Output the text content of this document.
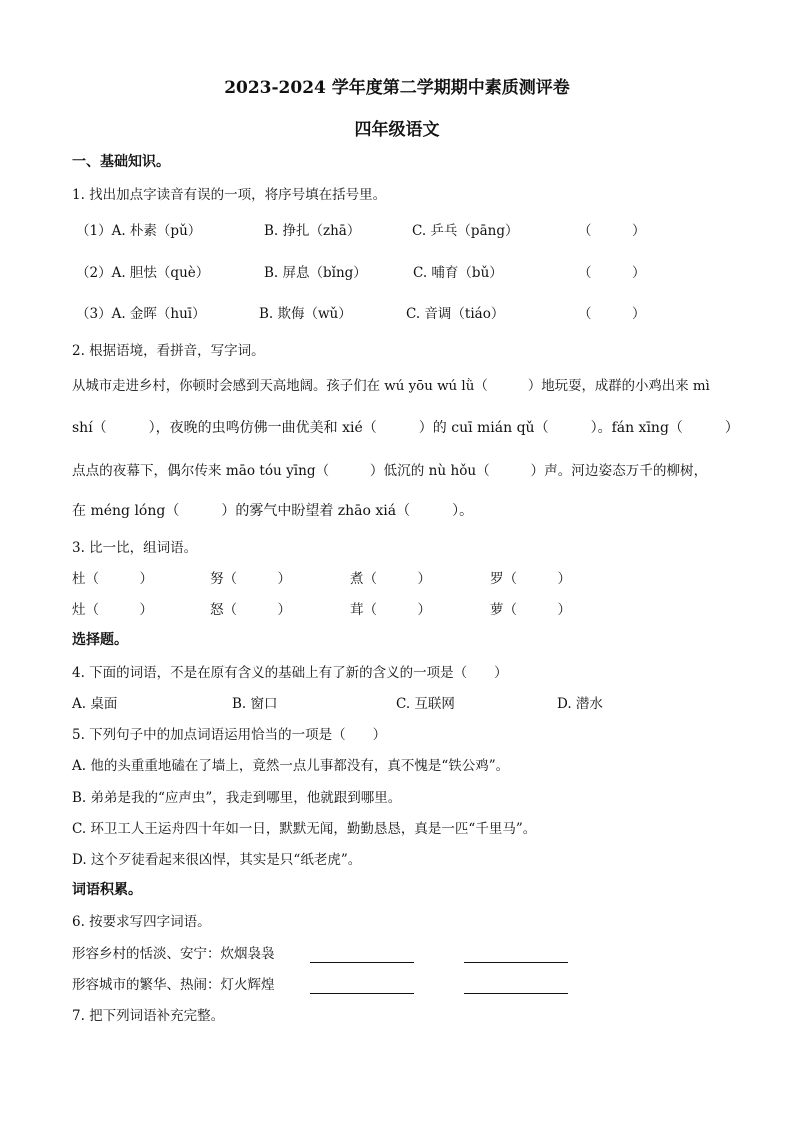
2023-2024 学年度第二学期期中素质测评卷
四年级语文
一、基础知识。
1. 找出加点字读音有误的一项，将序号填在括号里。
（1）A. 朴素（pǔ）	B. 挣扎（zhā）	C. 乒乓（pāng）	（　　　）
（2）A. 胆怯（què）	B. 屏息（bǐng）	C. 哺育（bǔ）	（　　　）
（3）A. 金晖（huī）	B. 欺侮（wǔ）	C. 音调（tiáo）	（　　　）
2. 根据语境，看拼音，写字词。
从城市走进乡村，你顿时会感到天高地阔。孩子们在 wú yōu wú lǜ（　　　）地玩耍，成群的小鸡出来 mì
shí（　　　），夜晚的虫鸣仿佛一曲优美和 xié（　　　）的 cuī mián qǔ（　　　）。fán xīng（　　　）
点点的夜幕下，偶尔传来 māo tóu yīng（　　　）低沉的 nù hǒu（　　　）声。河边姿态万千的柳树，
在 méng lóng（　　　）的雾气中盼望着 zhāo xiá（　　　）。
3. 比一比，组词语。
杜（　　　）	努（　　　）	煮（　　　）	罗（　　　）
灶（　　　）	怒（　　　）	茸（　　　）	萝（　　　）
选择题。
4. 下面的词语，不是在原有含义的基础上有了新的含义的一项是（　　）
A. 桌面	B. 窗口	C. 互联网	D. 潜水
5. 下列句子中的加点词语运用恰当的一项是（　　）
A. 他的头重重地磕在了墙上，竟然一点儿事都没有，真不愧是“铁公鸡”。
B. 弟弟是我的“应声虫”，我走到哪里，他就跟到哪里。
C. 环卫工人王运舟四十年如一日，默默无闻，勤勤恳恳，真是一匹“千里马”。
D. 这个歹徒看起来很凶悍，其实是只“纸老虎”。
词语积累。
6. 按要求写四字词语。
形容乡村的恬淡、安宁：炊烟袅袅
形容城市的繁华、热闹：灯火辉煌
7. 把下列词语补充完整。
